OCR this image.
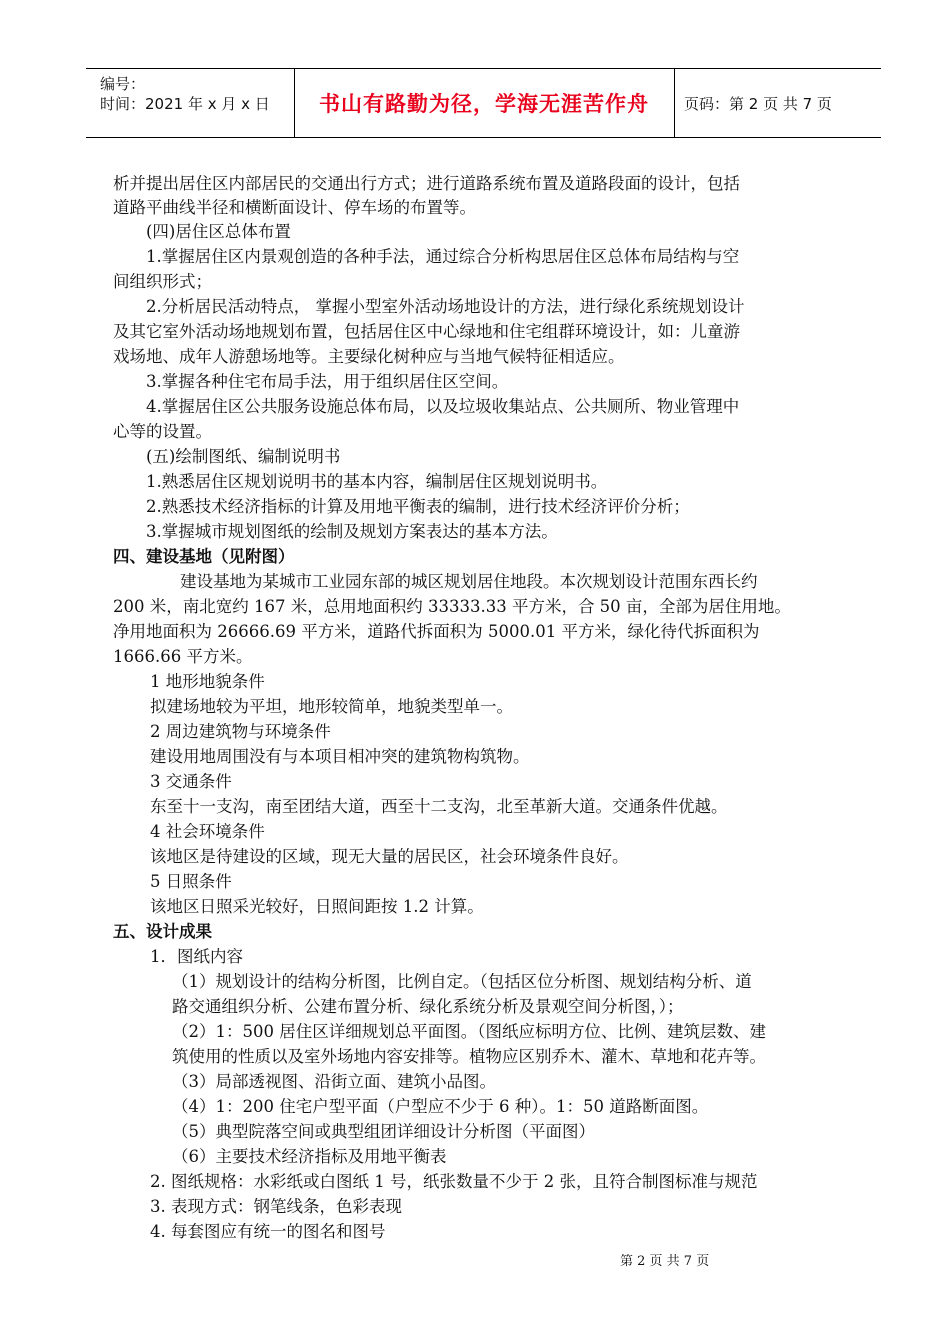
编号：
时间：2021 年 x 月 x 日 书山有路勤为径，学海无涯苦作舟 页码：第 2 页 共 7 页
析并提出居住区内部居民的交通出行方式；进行道路系统布置及道路段面的设计，包括
道路平曲线半径和横断面设计、停车场的布置等。
(四)居住区总体布置
1.掌握居住区内景观创造的各种手法，通过综合分析构思居住区总体布局结构与空
间组织形式；
2.分析居民活动特点， 掌握小型室外活动场地设计的方法，进行绿化系统规划设计
及其它室外活动场地规划布置，包括居住区中心绿地和住宅组群环境设计，如：儿童游
戏场地、成年人游憩场地等。主要绿化树种应与当地气候特征相适应。
3.掌握各种住宅布局手法，用于组织居住区空间。
4.掌握居住区公共服务设施总体布局，以及垃圾收集站点、公共厕所、物业管理中
心等的设置。
(五)绘制图纸、编制说明书
1.熟悉居住区规划说明书的基本内容，编制居住区规划说明书。
2.熟悉技术经济指标的计算及用地平衡表的编制，进行技术经济评价分析；
3.掌握城市规划图纸的绘制及规划方案表达的基本方法。
四、建设基地（见附图）
建设基地为某城市工业园东部的城区规划居住地段。本次规划设计范围东西长约
200 米，南北宽约 167 米，总用地面积约 33333.33 平方米，合 50 亩，全部为居住用地。
净用地面积为 26666.69 平方米，道路代拆面积为 5000.01 平方米，绿化待代拆面积为
1666.66 平方米。
1 地形地貌条件
拟建场地较为平坦，地形较简单，地貌类型单一。
2 周边建筑物与环境条件
建设用地周围没有与本项目相冲突的建筑物构筑物。
3 交通条件
东至十一支沟，南至团结大道，西至十二支沟，北至革新大道。交通条件优越。
4 社会环境条件
该地区是待建设的区域，现无大量的居民区，社会环境条件良好。
5 日照条件
该地区日照采光较好，日照间距按 1.2 计算。
五、设计成果
1．图纸内容
（1）规划设计的结构分析图，比例自定。（包括区位分析图、规划结构分析、道
路交通组织分析、公建布置分析、绿化系统分析及景观空间分析图，）；
（2）1：500 居住区详细规划总平面图。（图纸应标明方位、比例、建筑层数、建
筑使用的性质以及室外场地内容安排等。植物应区别乔木、灌木、草地和花卉等。
（3）局部透视图、沿街立面、建筑小品图。
（4）1：200 住宅户型平面（户型应不少于 6 种）。1：50 道路断面图。
（5）典型院落空间或典型组团详细设计分析图（平面图）
（6）主要技术经济指标及用地平衡表
2. 图纸规格：水彩纸或白图纸 1 号，纸张数量不少于 2 张，且符合制图标准与规范
3. 表现方式：钢笔线条，色彩表现
4. 每套图应有统一的图名和图号
第 2 页 共 7 页
